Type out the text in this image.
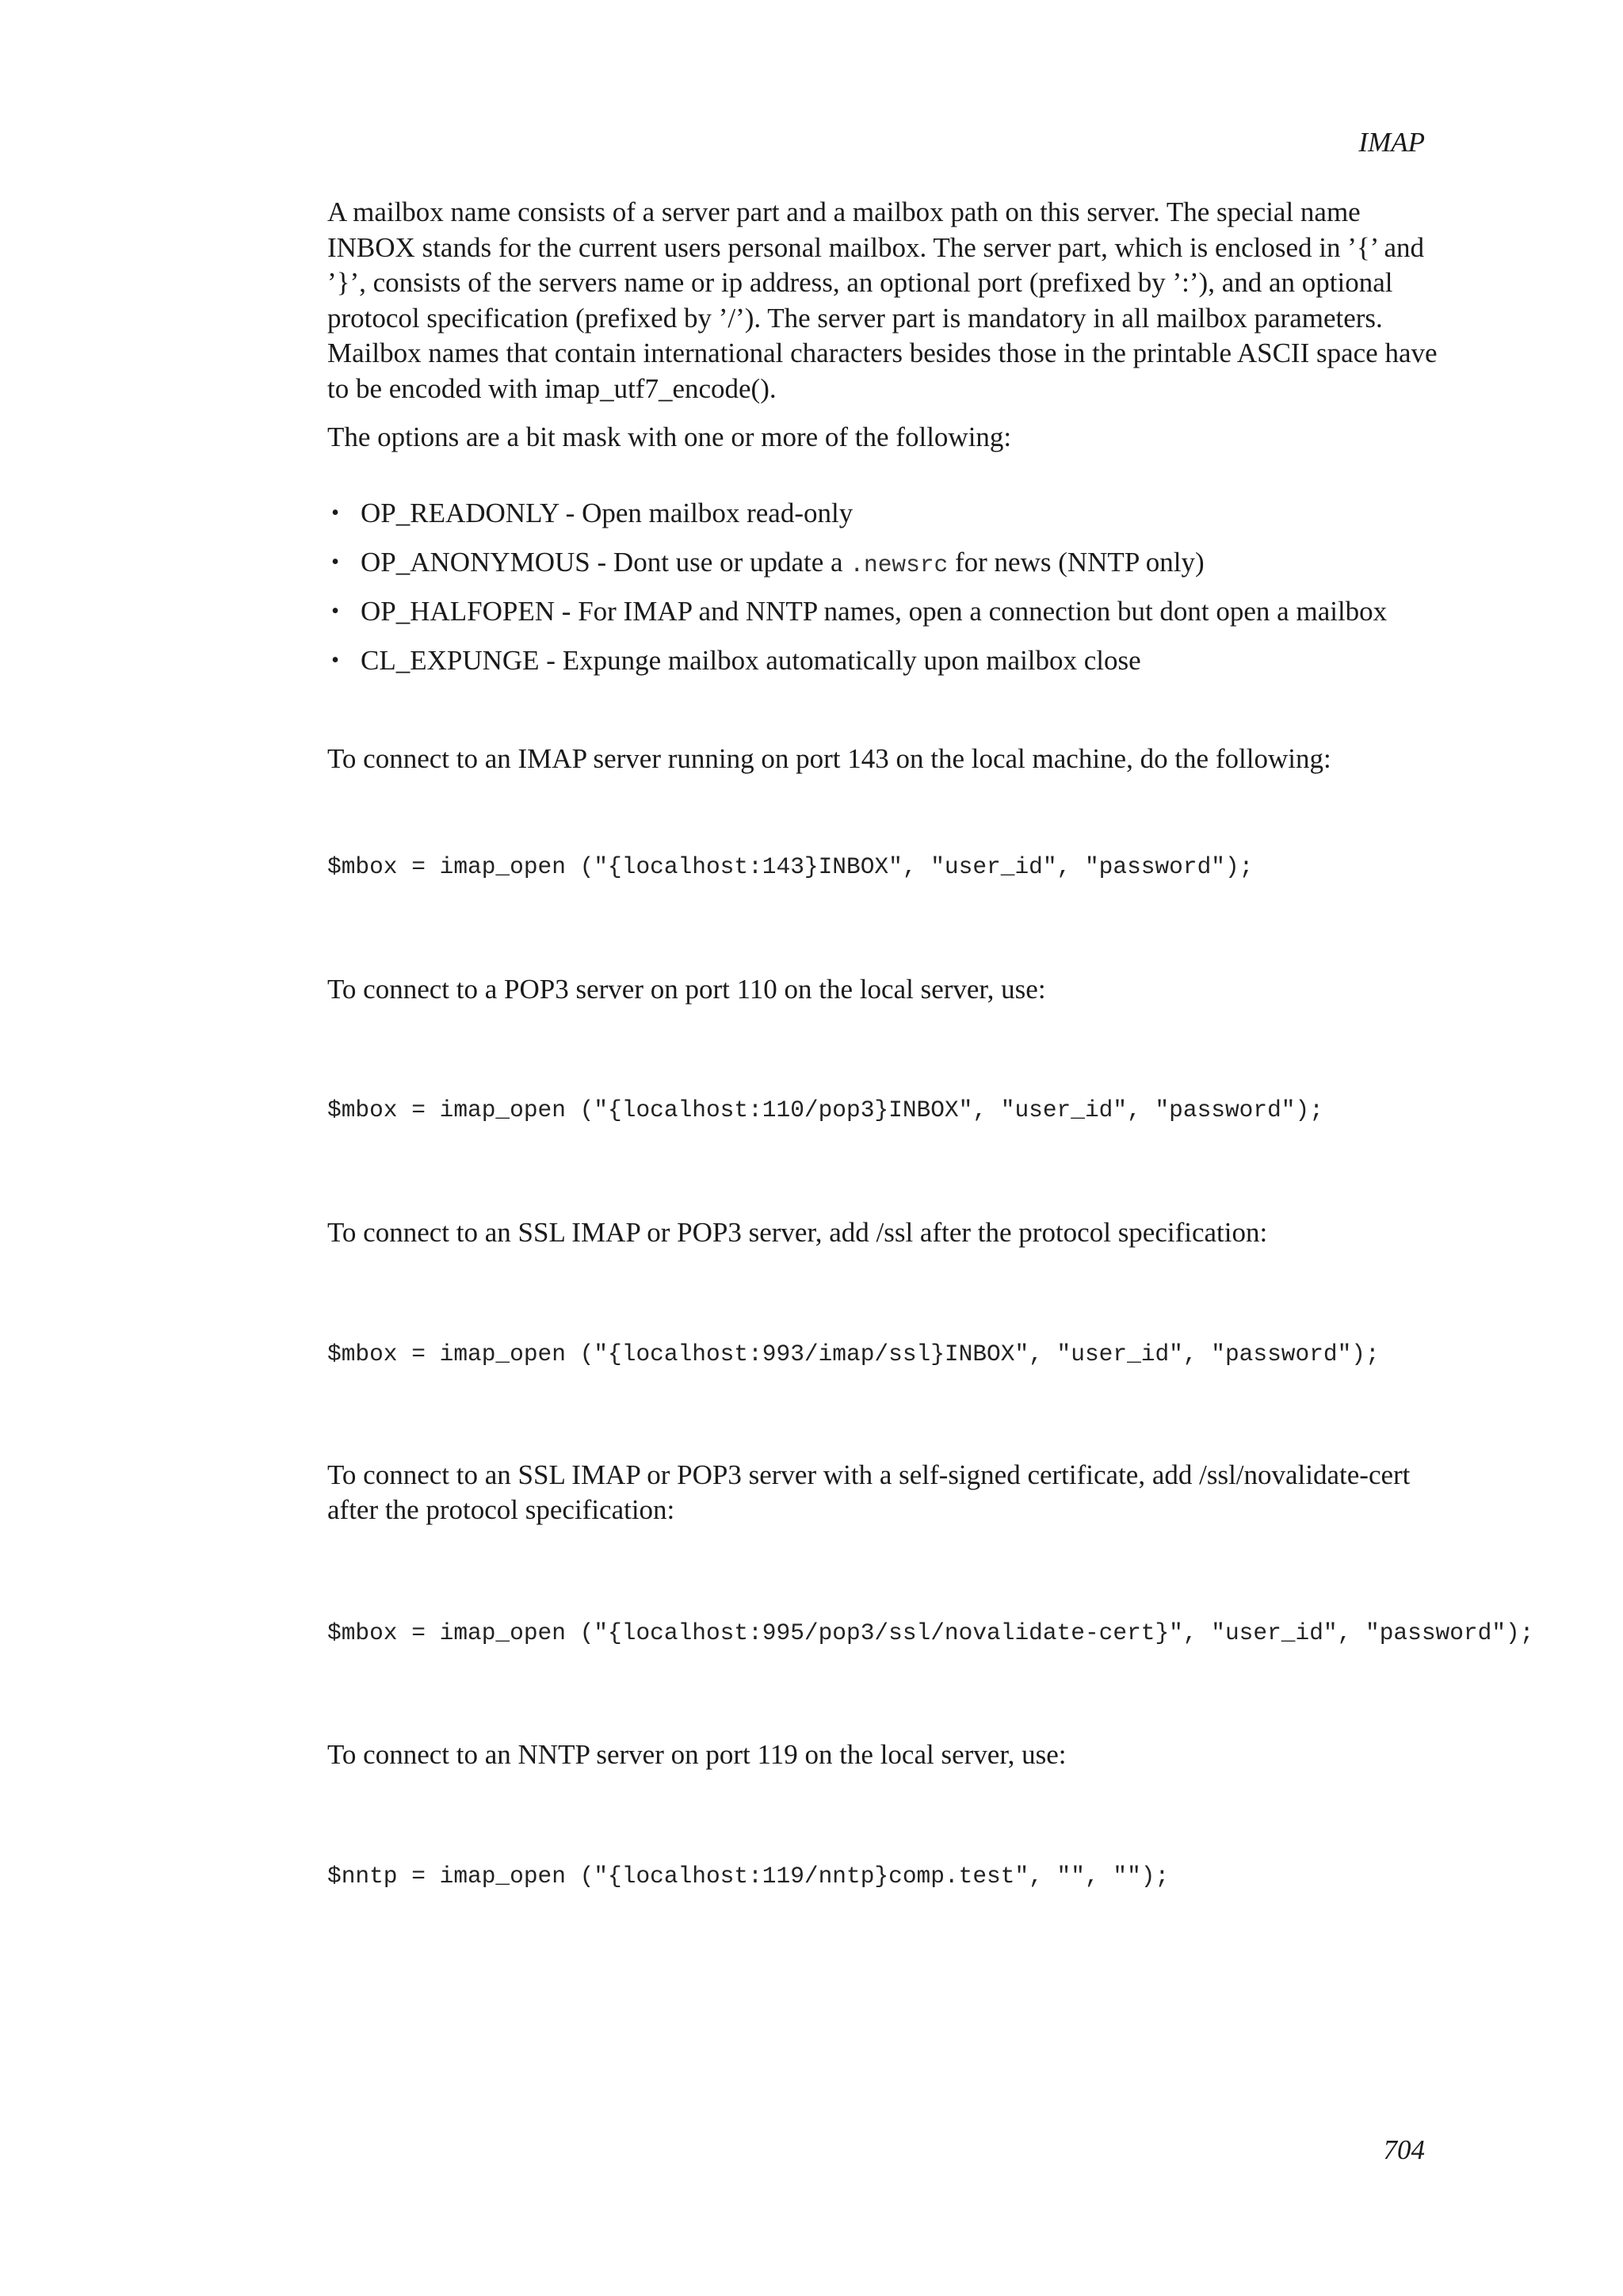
IMAP

A mailbox name consists of a server part and a mailbox path on this server. The special name INBOX stands for the current users personal mailbox. The server part, which is enclosed in ’{’ and ’}’, consists of the servers name or ip address, an optional port (prefixed by ’:’), and an optional protocol specification (prefixed by ’/’). The server part is mandatory in all mailbox parameters. Mailbox names that contain international characters besides those in the printable ASCII space have to be encoded with imap_utf7_encode().

The options are a bit mask with one or more of the following:

• OP_READONLY - Open mailbox read-only
• OP_ANONYMOUS - Dont use or update a .newsrc for news (NNTP only)
• OP_HALFOPEN - For IMAP and NNTP names, open a connection but dont open a mailbox
• CL_EXPUNGE - Expunge mailbox automatically upon mailbox close

To connect to an IMAP server running on port 143 on the local machine, do the following:

$mbox = imap_open ("{localhost:143}INBOX", "user_id", "password");

To connect to a POP3 server on port 110 on the local server, use:

$mbox = imap_open ("{localhost:110/pop3}INBOX", "user_id", "password");

To connect to an SSL IMAP or POP3 server, add /ssl after the protocol specification:

$mbox = imap_open ("{localhost:993/imap/ssl}INBOX", "user_id", "password");

To connect to an SSL IMAP or POP3 server with a self-signed certificate, add /ssl/novalidate-cert

after the protocol specification:

$mbox = imap_open ("{localhost:995/pop3/ssl/novalidate-cert}", "user_id", "password");

To connect to an NNTP server on port 119 on the local server, use:

$nntp = imap_open ("{localhost:119/nntp}comp.test", "", "");
704
